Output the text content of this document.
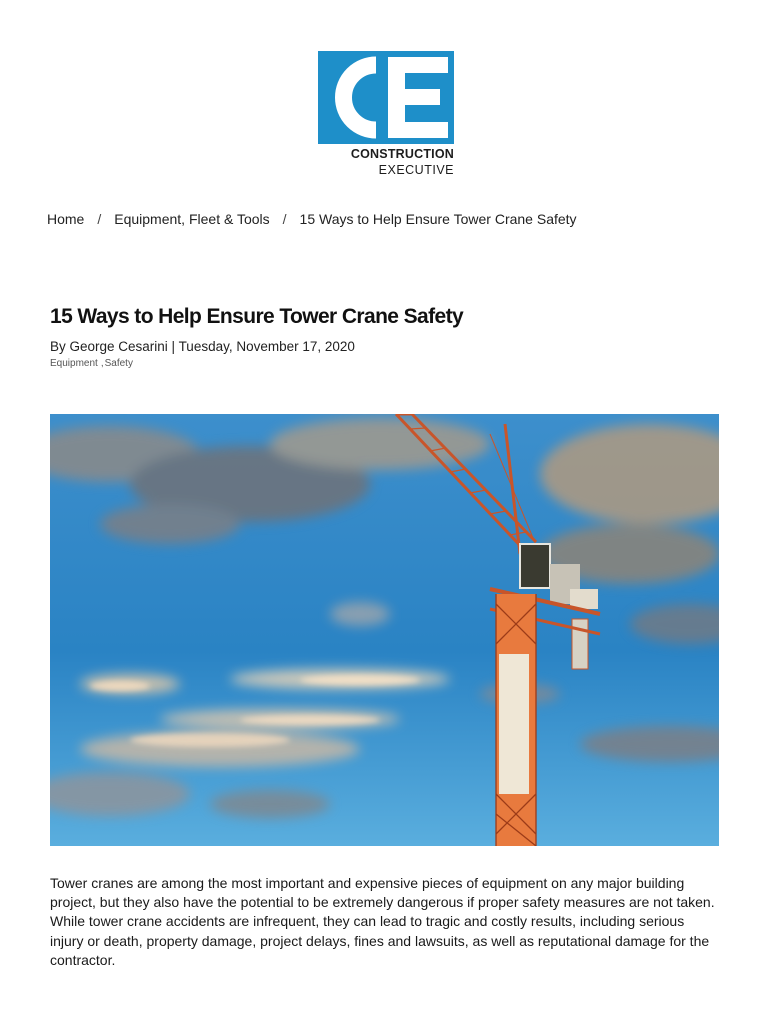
CONSTRUCTION
EXECUTIVE
Home / Equipment, Fleet & Tools / 15 Ways to Help Ensure Tower Crane Safety
15 Ways to Help Ensure Tower Crane Safety
By George Cesarini | Tuesday, November 17, 2020
Equipment ,Safety

Tower cranes are among the most important and expensive pieces of equipment on any major building project, but they also have the potential to be extremely dangerous if proper safety measures are not taken. While tower crane accidents are infrequent, they can lead to tragic and costly results, including serious injury or death, property damage, project delays, fines and lawsuits, as well as reputational damage for the contractor.
